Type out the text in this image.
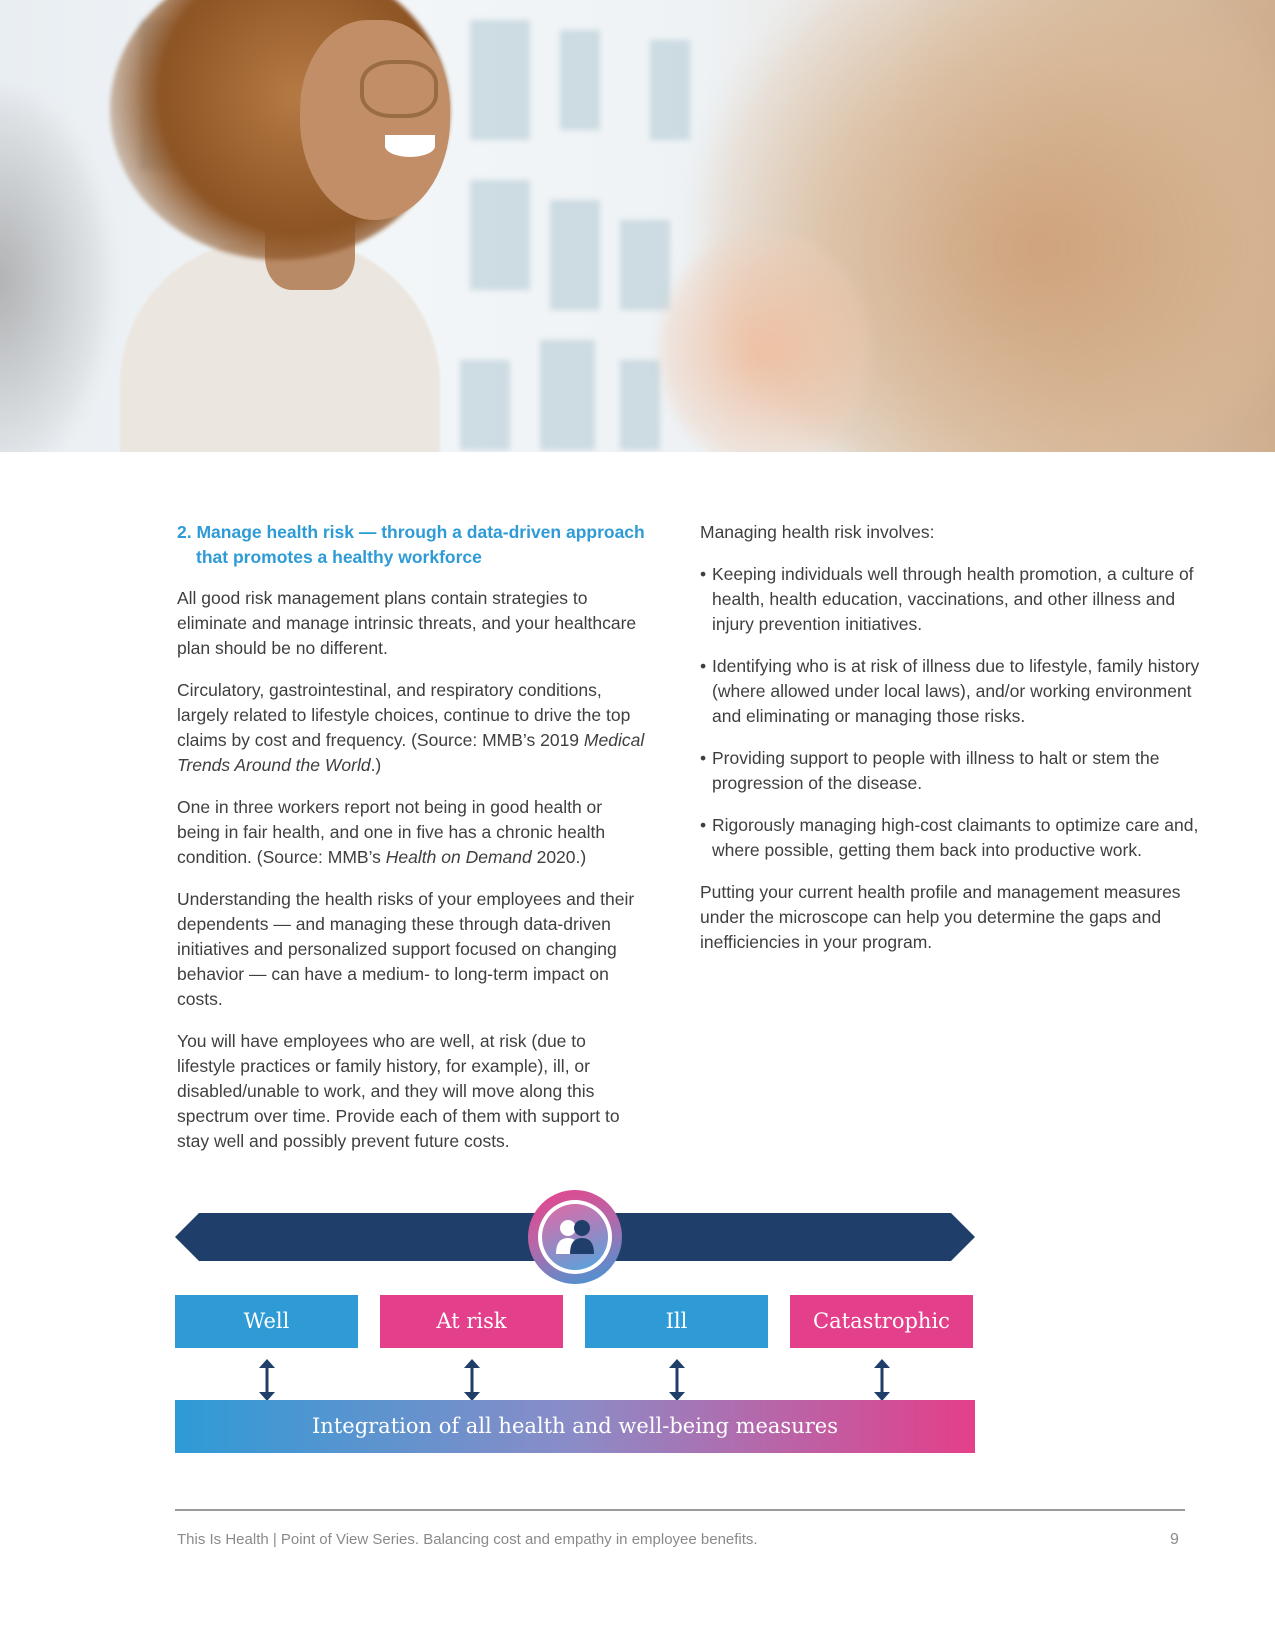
2. Manage health risk — through a data-driven approach that promotes a healthy workforce

All good risk management plans contain strategies to eliminate and manage intrinsic threats, and your healthcare plan should be no different.

Circulatory, gastrointestinal, and respiratory conditions, largely related to lifestyle choices, continue to drive the top claims by cost and frequency. (Source: MMB’s 2019 Medical Trends Around the World.)

One in three workers report not being in good health or being in fair health, and one in five has a chronic health condition. (Source: MMB’s Health on Demand 2020.)

Understanding the health risks of your employees and their dependents — and managing these through data-driven initiatives and personalized support focused on changing behavior — can have a medium- to long-term impact on costs.

You will have employees who are well, at risk (due to lifestyle practices or family history, for example), ill, or disabled/unable to work, and they will move along this spectrum over time. Provide each of them with support to stay well and possibly prevent future costs.

Managing health risk involves:

• Keeping individuals well through health promotion, a culture of health, health education, vaccinations, and other illness and injury prevention initiatives.
• Identifying who is at risk of illness due to lifestyle, family history (where allowed under local laws), and/or working environment and eliminating or managing those risks.
• Providing support to people with illness to halt or stem the progression of the disease.
• Rigorously managing high-cost claimants to optimize care and, where possible, getting them back into productive work.

Putting your current health profile and management measures under the microscope can help you determine the gaps and inefficiencies in your program.

Well	At risk	Ill	Catastrophic
Integration of all health and well-being measures
This Is Health | Point of View Series. Balancing cost and empathy in employee benefits.	9
